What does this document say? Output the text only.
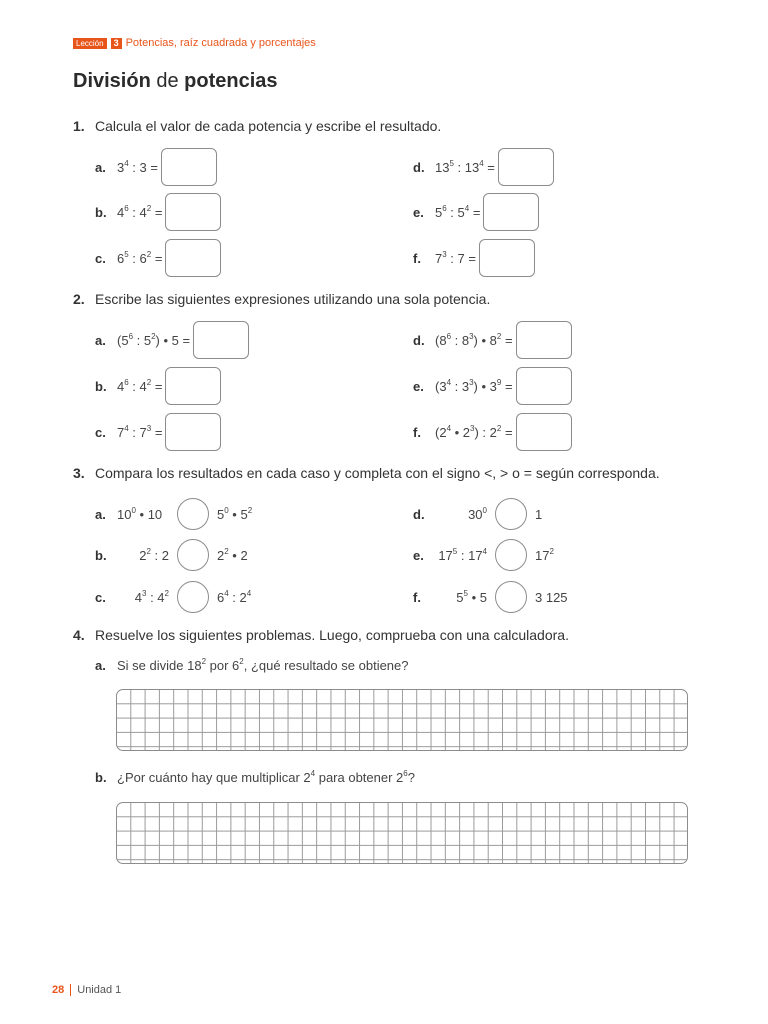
Lección	3 Potencias, raíz cuadrada y porcentajes
División de potencias
1. Calcula el valor de cada potencia y escribe el resultado.
a. $3^4$ : 3 =
b. $4^6$ : $4^2$ =
c. $6^5$ : $6^2$ =
d. $13^5$ : $13^4$ =
e. $5^6$ : $5^4$ =
f.	$7^3$ : 7 =
2. Escribe las siguientes expresiones utilizando una sola potencia.
a. ($5^6$ : $5^2$) • 5 =
b. $4^6$ : $4^2$ =
c. $7^4$ : $7^3$ =
d. ($8^6$ : $8^3$) • $8^2$ =
e. ($3^4$ : $3^3$) • $3^9$ =
f.	($2^4$ • $2^3$) : $2^2$ =
3. Compara los resultados en cada caso y completa con el signo <, > o = según corresponda.
a. $10^0$ • 10	$5^0$ • $5^2$
b.	$2^2$ : 2	$2^2$ • 2
c.	$4^3$ : $4^2$	$6^4$ : $2^4$
d.	$30^0$	1
e.	$17^5$ : $17^4$	$17^2$
f.	$5^5$ • 5	3 125
4. Resuelve los siguientes problemas. Luego, comprueba con una calculadora.
a. Si se divide $18^2$ por $6^2$, ¿qué resultado se obtiene?
b. ¿Por cuánto hay que multiplicar $2^4$ para obtener $2^6$?
28 Unidad 1
